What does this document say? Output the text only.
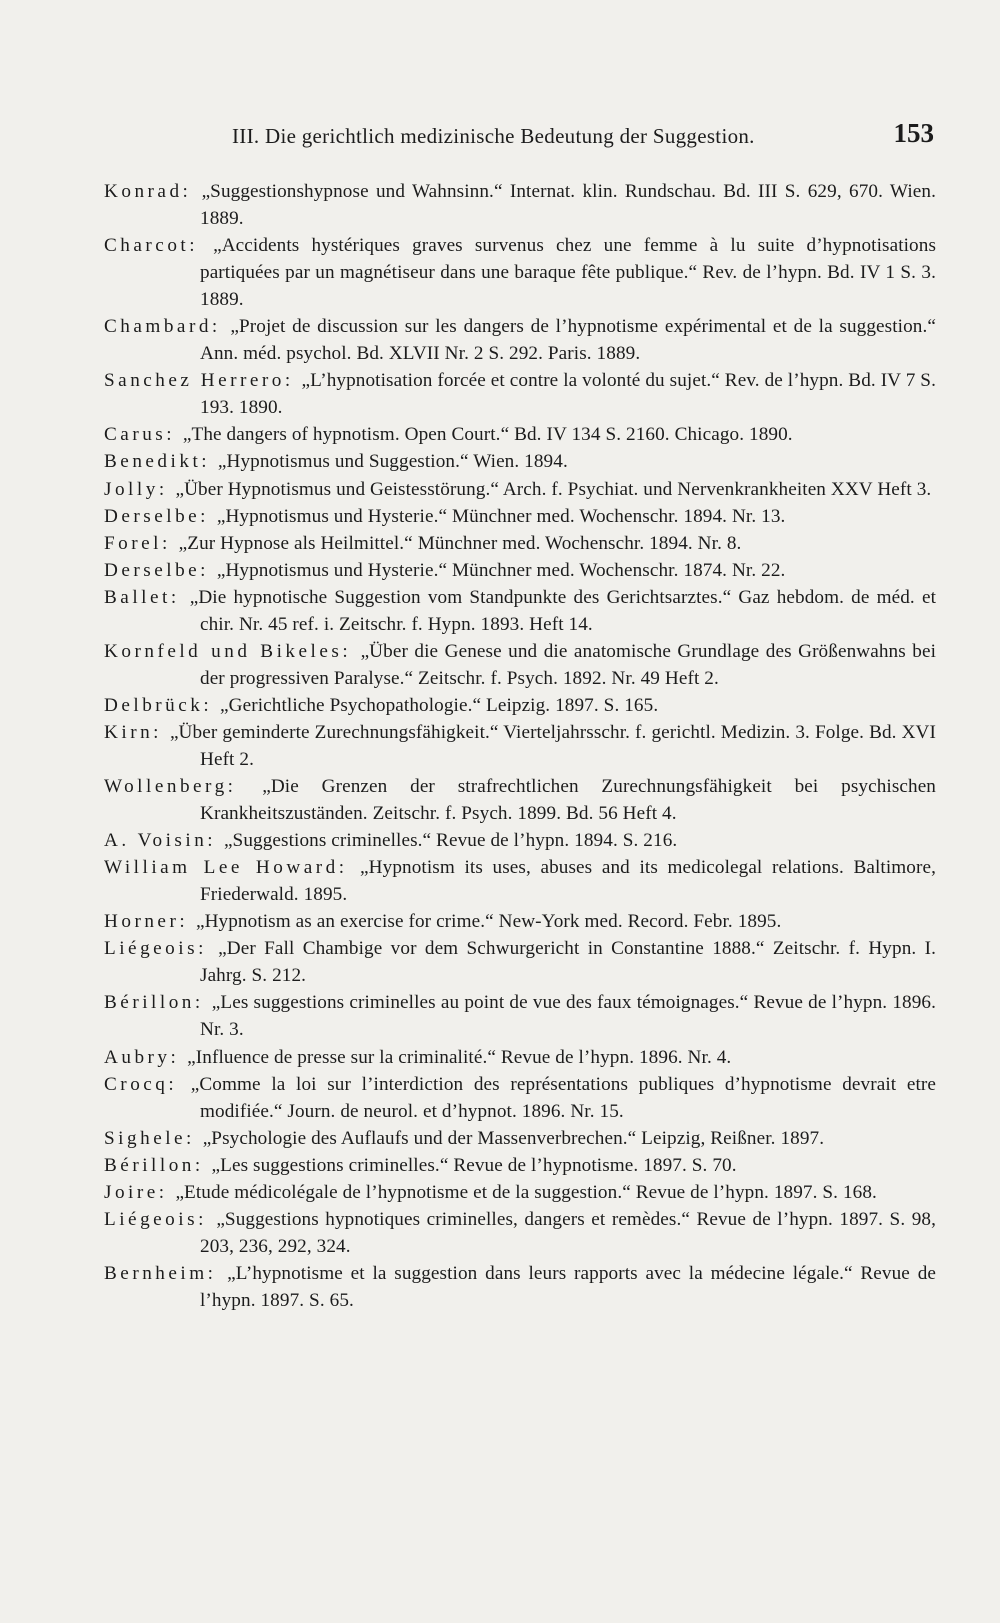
III. Die gerichtlich medizinische Bedeutung der Suggestion.	153
Konrad: „Suggestionshypnose und Wahnsinn.“ Internat. klin. Rundschau. Bd. III S. 629, 670. Wien. 1889.
Charcot: „Accidents hystériques graves survenus chez une femme à lu suite d’hypnotisations partiquées par un magnétiseur dans une baraque fête publique.“ Rev. de l’hypn. Bd. IV 1 S. 3. 1889.
Chambard: „Projet de discussion sur les dangers de l’hypnotisme expérimental et de la suggestion.“ Ann. méd. psychol. Bd. XLVII Nr. 2 S. 292. Paris. 1889.
Sanchez Herrero: „L’hypnotisation forcée et contre la volonté du sujet.“ Rev. de l’hypn. Bd. IV 7 S. 193. 1890.
Carus: „The dangers of hypnotism. Open Court.“ Bd. IV 134 S. 2160. Chicago. 1890.
Benedikt: „Hypnotismus und Suggestion.“ Wien. 1894.
Jolly: „Über Hypnotismus und Geistesstörung.“ Arch. f. Psychiat. und Nervenkrankheiten XXV Heft 3.
Derselbe: „Hypnotismus und Hysterie.“ Münchner med. Wochenschr. 1894. Nr. 13.
Forel: „Zur Hypnose als Heilmittel.“ Münchner med. Wochenschr. 1894. Nr. 8.
Derselbe: „Hypnotismus und Hysterie.“ Münchner med. Wochenschr. 1874. Nr. 22.
Ballet: „Die hypnotische Suggestion vom Standpunkte des Gerichtsarztes.“ Gaz hebdom. de méd. et chir. Nr. 45 ref. i. Zeitschr. f. Hypn. 1893. Heft 14.
Kornfeld und Bikeles: „Über die Genese und die anatomische Grundlage des Größenwahns bei der progressiven Paralyse.“ Zeitschr. f. Psych. 1892. Nr. 49 Heft 2.
Delbrück: „Gerichtliche Psychopathologie.“ Leipzig. 1897. S. 165.
Kirn: „Über geminderte Zurechnungsfähigkeit.“ Vierteljahrsschr. f. gerichtl. Medizin. 3. Folge. Bd. XVI Heft 2.
Wollenberg: „Die Grenzen der strafrechtlichen Zurechnungsfähigkeit bei psychischen Krankheitszuständen. Zeitschr. f. Psych. 1899. Bd. 56 Heft 4.
A. Voisin: „Suggestions criminelles.“ Revue de l’hypn. 1894. S. 216.
William Lee Howard: „Hypnotism its uses, abuses and its medicolegal relations. Baltimore, Friederwald. 1895.
Horner: „Hypnotism as an exercise for crime.“ New-York med. Record. Febr. 1895.
Liégeois: „Der Fall Chambige vor dem Schwurgericht in Constantine 1888.“ Zeitschr. f. Hypn. I. Jahrg. S. 212.
Bérillon: „Les suggestions criminelles au point de vue des faux témoignages.“ Revue de l’hypn. 1896. Nr. 3.
Aubry: „Influence de presse sur la criminalité.“ Revue de l’hypn. 1896. Nr. 4.
Crocq: „Comme la loi sur l’interdiction des représentations publiques d’hypnotisme devrait etre modifiée.“ Journ. de neurol. et d’hypnot. 1896. Nr. 15.
Sighele: „Psychologie des Auflaufs und der Massenverbrechen.“ Leipzig, Reißner. 1897.
Bérillon: „Les suggestions criminelles.“ Revue de l’hypnotisme. 1897. S. 70.
Joire: „Etude médicolégale de l’hypnotisme et de la suggestion.“ Revue de l’hypn. 1897. S. 168.
Liégeois: „Suggestions hypnotiques criminelles, dangers et remèdes.“ Revue de l’hypn. 1897. S. 98, 203, 236, 292, 324.
Bernheim: „L’hypnotisme et la suggestion dans leurs rapports avec la médecine légale.“ Revue de l’hypn. 1897. S. 65.
